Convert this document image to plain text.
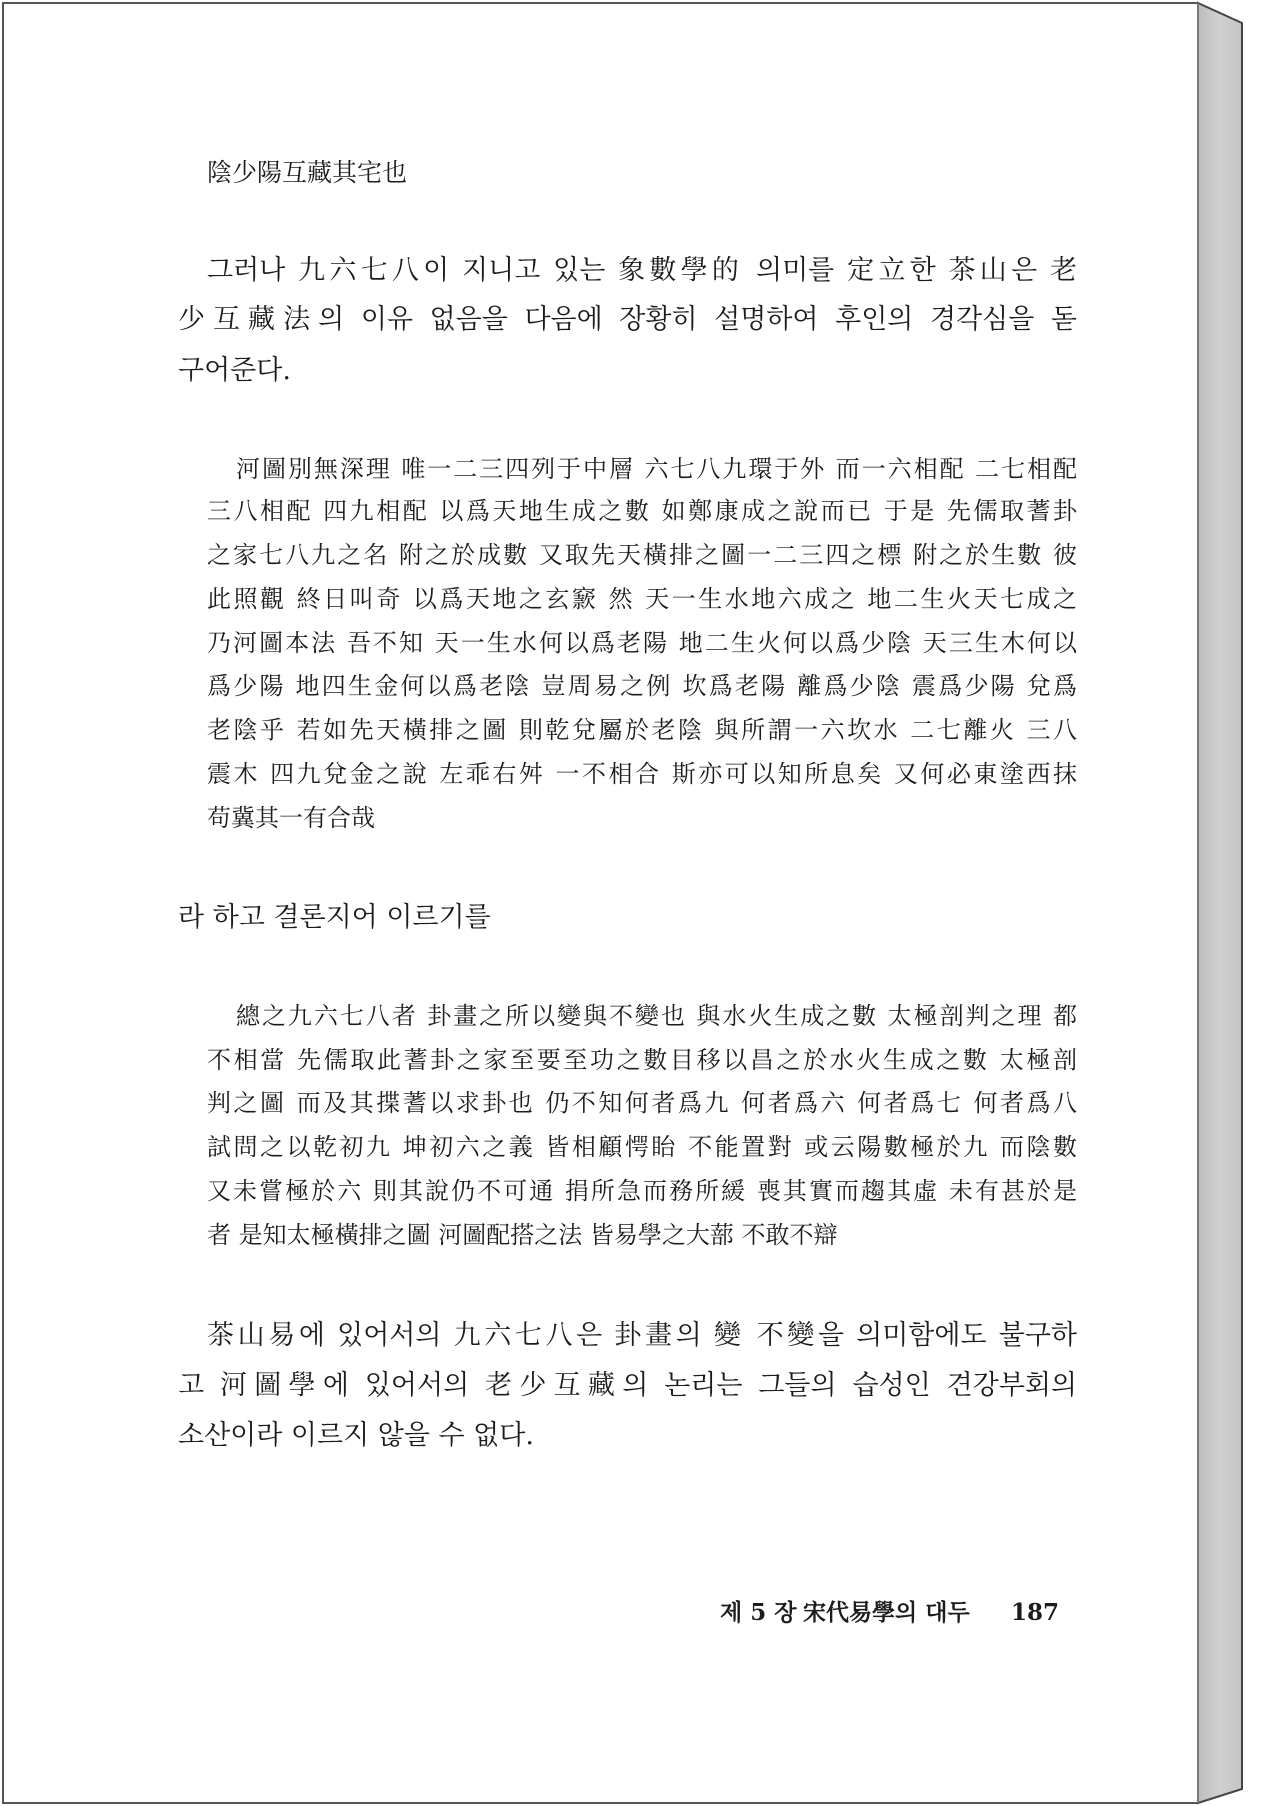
陰少陽互藏其宅也
그러나 九六七八이 지니고 있는 象數學的 의미를 定立한 茶山은 老
少互藏法의 이유 없음을 다음에 장황히 설명하여 후인의 경각심을 돋
구어준다.
河圖別無深理 唯一二三四列于中層 六七八九環于外 而一六相配 二七相配
三八相配 四九相配 以爲天地生成之數 如鄭康成之說而已 于是 先儒取蓍卦
之家七八九之名 附之於成數 又取先天橫排之圖一二三四之標 附之於生數 彼
此照觀 終日叫奇 以爲天地之玄窾 然 天一生水地六成之 地二生火天七成之
乃河圖本法 吾不知 天一生水何以爲老陽 地二生火何以爲少陰 天三生木何以
爲少陽 地四生金何以爲老陰 豈周易之例 坎爲老陽 離爲少陰 震爲少陽 兌爲
老陰乎 若如先天橫排之圖 則乾兌屬於老陰 與所謂一六坎水 二七離火 三八
震木 四九兌金之說 左乖右舛 一不相合 斯亦可以知所息矣 又何必東塗西抹
苟冀其一有合哉
라 하고 결론지어 이르기를
總之九六七八者 卦畫之所以變與不變也 與水火生成之數 太極剖判之理 都
不相當 先儒取此蓍卦之家至要至功之數目移以昌之於水火生成之數 太極剖
判之圖 而及其揲蓍以求卦也 仍不知何者爲九 何者爲六 何者爲七 何者爲八
試問之以乾初九 坤初六之義 皆相顧愕眙 不能置對 或云陽數極於九 而陰數
又未嘗極於六 則其說仍不可通 捐所急而務所緩 喪其實而趨其虛 未有甚於是
者 是知太極橫排之圖 河圖配搭之法 皆易學之大蔀 不敢不辯
茶山易에 있어서의 九六七八은 卦畫의 變 不變을 의미함에도 불구하
고 河圖學에 있어서의 老少互藏의 논리는 그들의 습성인 견강부회의
소산이라 이르지 않을 수 없다.
제 5 장 宋代易學의 대두 187
